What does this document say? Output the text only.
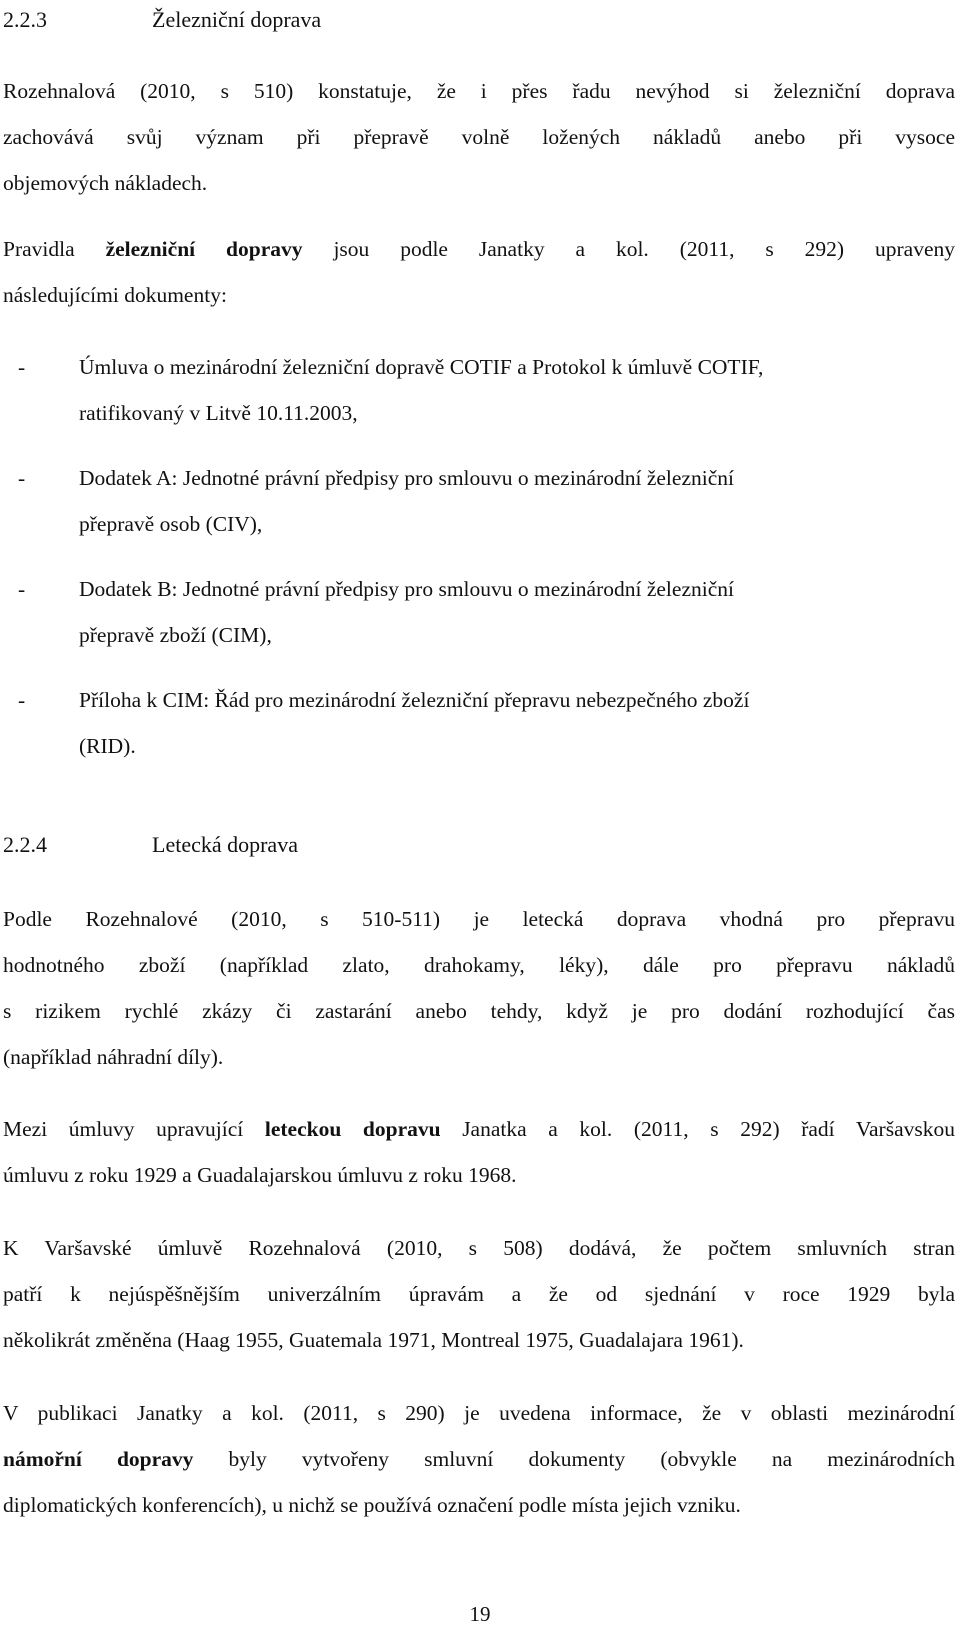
2.2.3	Železniční doprava
Rozehnalová (2010, s 510) konstatuje, že i přes řadu nevýhod si železniční doprava
zachovává svůj význam při přepravě volně ložených nákladů anebo při vysoce
objemových nákladech.
Pravidla železniční dopravy jsou podle Janatky a kol. (2011, s 292) upraveny
následujícími dokumenty:
-	Úmluva o mezinárodní železniční dopravě COTIF a Protokol k úmluvě COTIF,
ratifikovaný v Litvě 10.11.2003,
-	Dodatek A: Jednotné právní předpisy pro smlouvu o mezinárodní železniční
přepravě osob (CIV),
-	Dodatek B: Jednotné právní předpisy pro smlouvu o mezinárodní železniční
přepravě zboží (CIM),
-	Příloha k CIM: Řád pro mezinárodní železniční přepravu nebezpečného zboží
(RID).
2.2.4	Letecká doprava
Podle Rozehnalové (2010, s 510-511) je letecká doprava vhodná pro přepravu
hodnotného zboží (například zlato, drahokamy, léky), dále pro přepravu nákladů
s rizikem rychlé zkázy či zastarání anebo tehdy, když je pro dodání rozhodující čas
(například náhradní díly).
Mezi úmluvy upravující leteckou dopravu Janatka a kol. (2011, s 292) řadí Varšavskou
úmluvu z roku 1929 a Guadalajarskou úmluvu z roku 1968.
K Varšavské úmluvě Rozehnalová (2010, s 508) dodává, že počtem smluvních stran
patří k nejúspěšnějším univerzálním úpravám a že od sjednání v roce 1929 byla
několikrát změněna (Haag 1955, Guatemala 1971, Montreal 1975, Guadalajara 1961).
V publikaci Janatky a kol. (2011, s 290) je uvedena informace, že v oblasti mezinárodní
námořní dopravy byly vytvořeny smluvní dokumenty (obvykle na mezinárodních
diplomatických konferencích), u nichž se používá označení podle místa jejich vzniku.
19
